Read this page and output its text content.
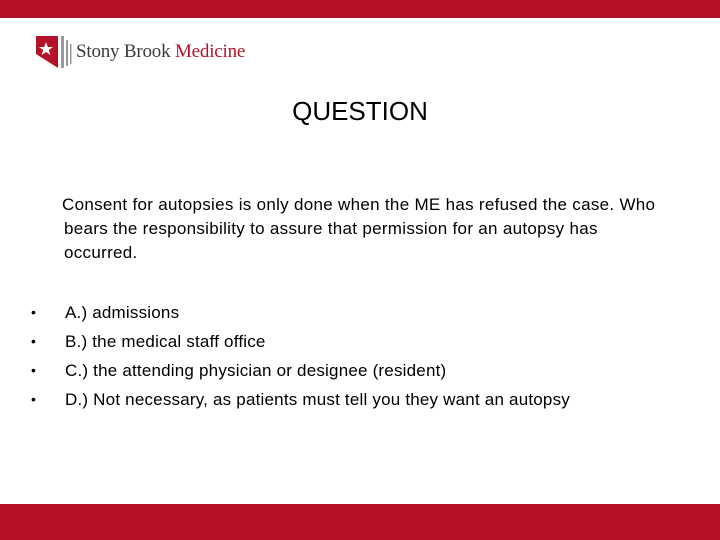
Stony Brook Medicine
QUESTION
Consent for autopsies is only done when the ME has refused the case. Who bears the responsibility to assure that permission for an autopsy has occurred.
•	A.) admissions
•	B.) the medical staff office
•	C.) the attending physician or designee (resident)
•	D.) Not necessary, as patients must tell you they want an autopsy
